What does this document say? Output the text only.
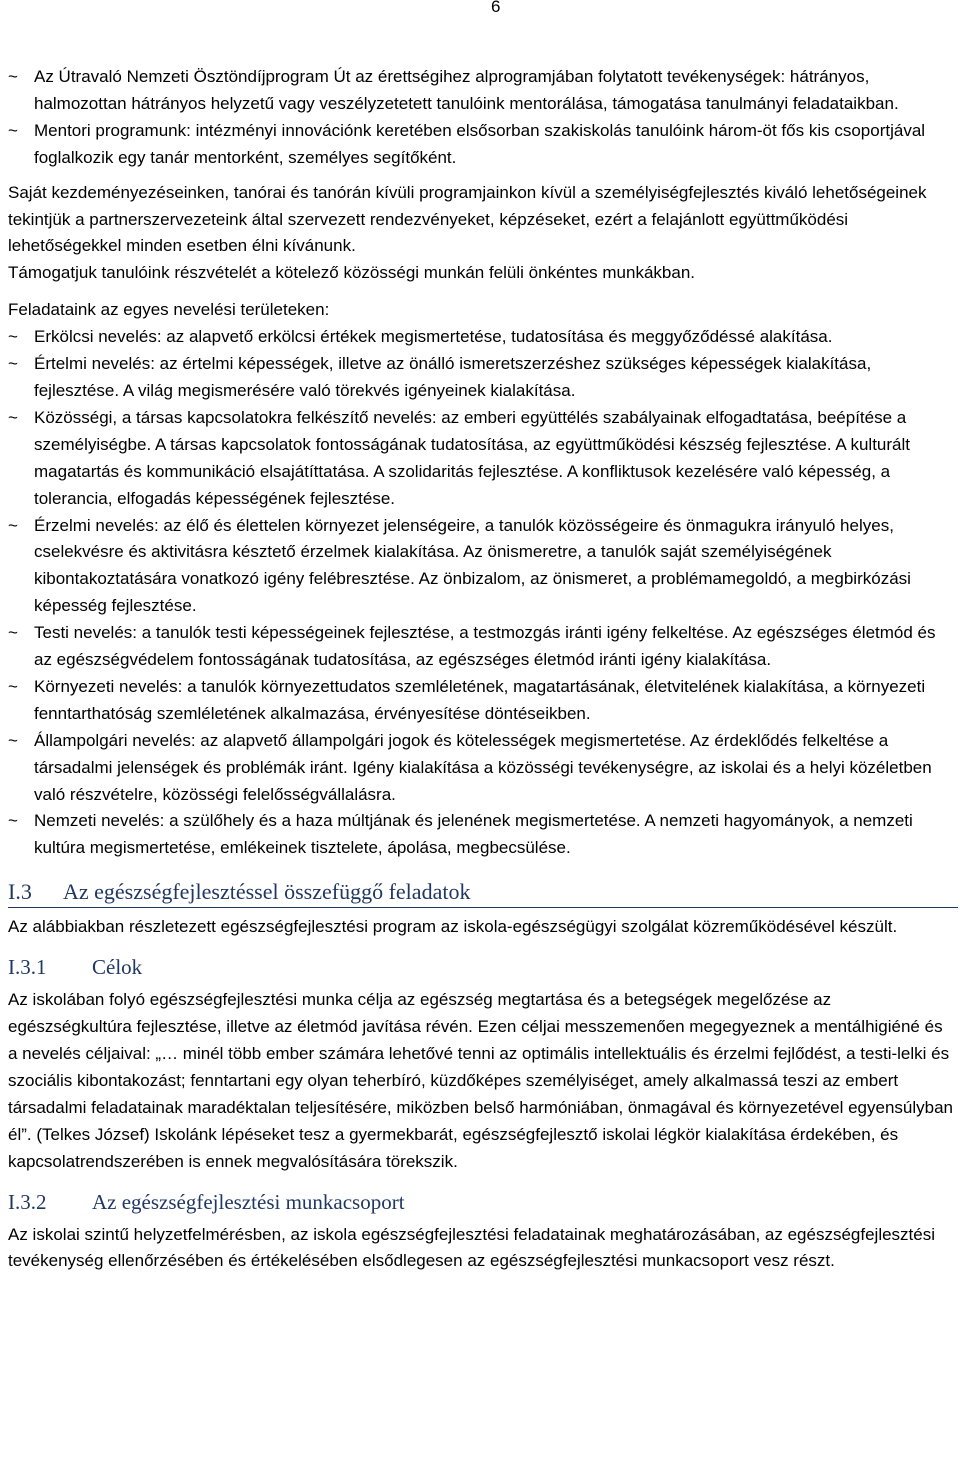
6
~ Az Útravaló Nemzeti Ösztöndíjprogram Út az érettségihez alprogramjában folytatott tevékenységek: hátrányos, halmozottan hátrányos helyzetű vagy veszélyzetetett tanulóink mentorálása, támogatása tanulmányi feladataikban.
~ Mentori programunk: intézményi innovációnk keretében elsősorban szakiskolás tanulóink három-öt fős kis csoportjával foglalkozik egy tanár mentorként, személyes segítőként.

Saját kezdeményezéseinken, tanórai és tanórán kívüli programjainkon kívül a személyiségfejlesztés kiváló lehetőségeinek tekintjük a partnerszervezeteink által szervezett rendezvényeket, képzéseket, ezért a felajánlott együttműködési lehetőségekkel minden esetben élni kívánunk.

Támogatjuk tanulóink részvételét a kötelező közösségi munkán felüli önkéntes munkákban.

Feladataink az egyes nevelési területeken:

~ Erkölcsi nevelés: az alapvető erkölcsi értékek megismertetése, tudatosítása és meggyőződéssé alakítása.
~ Értelmi nevelés: az értelmi képességek, illetve az önálló ismeretszerzéshez szükséges képességek kialakítása, fejlesztése. A világ megismerésére való törekvés igényeinek kialakítása.
~ Közösségi, a társas kapcsolatokra felkészítő nevelés: az emberi együttélés szabályainak elfogadtatása, beépítése a személyiségbe. A társas kapcsolatok fontosságának tudatosítása, az együttműködési készség fejlesztése. A kulturált magatartás és kommunikáció elsajátíttatása. A szolidaritás fejlesztése. A konfliktusok kezelésére való képesség, a tolerancia, elfogadás képességének fejlesztése.
~ Érzelmi nevelés: az élő és élettelen környezet jelenségeire, a tanulók közösségeire és önmagukra irányuló helyes, cselekvésre és aktivitásra késztető érzelmek kialakítása. Az önismeretre, a tanulók saját személyiségének kibontakoztatására vonatkozó igény felébresztése. Az önbizalom, az önismeret, a problémamegoldó, a megbirkózási képesség fejlesztése.
~ Testi nevelés: a tanulók testi képességeinek fejlesztése, a testmozgás iránti igény felkeltése. Az egészséges életmód és az egészségvédelem fontosságának tudatosítása, az egészséges életmód iránti igény kialakítása.
~ Környezeti nevelés: a tanulók környezettudatos szemléletének, magatartásának, életvitelének kialakítása, a környezeti fenntarthatóság szemléletének alkalmazása, érvényesítése döntéseikben.
~ Állampolgári nevelés: az alapvető állampolgári jogok és kötelességek megismertetése. Az érdeklődés felkeltése a társadalmi jelenségek és problémák iránt. Igény kialakítása a közösségi tevékenységre, az iskolai és a helyi közéletben való részvételre, közösségi felelősségvállalásra.
~ Nemzeti nevelés: a szülőhely és a haza múltjának és jelenének megismertetése. A nemzeti hagyományok, a nemzeti kultúra megismertetése, emlékeinek tisztelete, ápolása, megbecsülése.
I.3	Az egészségfejlesztéssel összefüggő feladatok

Az alábbiakban részletezett egészségfejlesztési program az iskola-egészségügyi szolgálat közreműködésével készült.

I.3.1	Célok

Az iskolában folyó egészségfejlesztési munka célja az egészség megtartása és a betegségek megelőzése az egészségkultúra fejlesztése, illetve az életmód javítása révén. Ezen céljai messzemenően megegyeznek a mentálhigiéné és a nevelés céljaival: „… minél több ember számára lehetővé tenni az optimális intellektuális és érzelmi fejlődést, a testi-lelki és szociális kibontakozást; fenntartani egy olyan teherbíró, küzdőképes személyiséget, amely alkalmassá teszi az embert társadalmi feladatainak maradéktalan teljesítésére, miközben belső harmóniában, önmagával és környezetével egyensúlyban él”. (Telkes József) Iskolánk lépéseket tesz a gyermekbarát, egészségfejlesztő iskolai légkör kialakítása érdekében, és kapcsolatrendszerében is ennek megvalósítására törekszik.

I.3.2	Az egészségfejlesztési munkacsoport

Az iskolai szintű helyzetfelmérésben, az iskola egészségfejlesztési feladatainak meghatározásában, az egészségfejlesztési tevékenység ellenőrzésében és értékelésében elsődlegesen az egészségfejlesztési munkacsoport vesz részt.
